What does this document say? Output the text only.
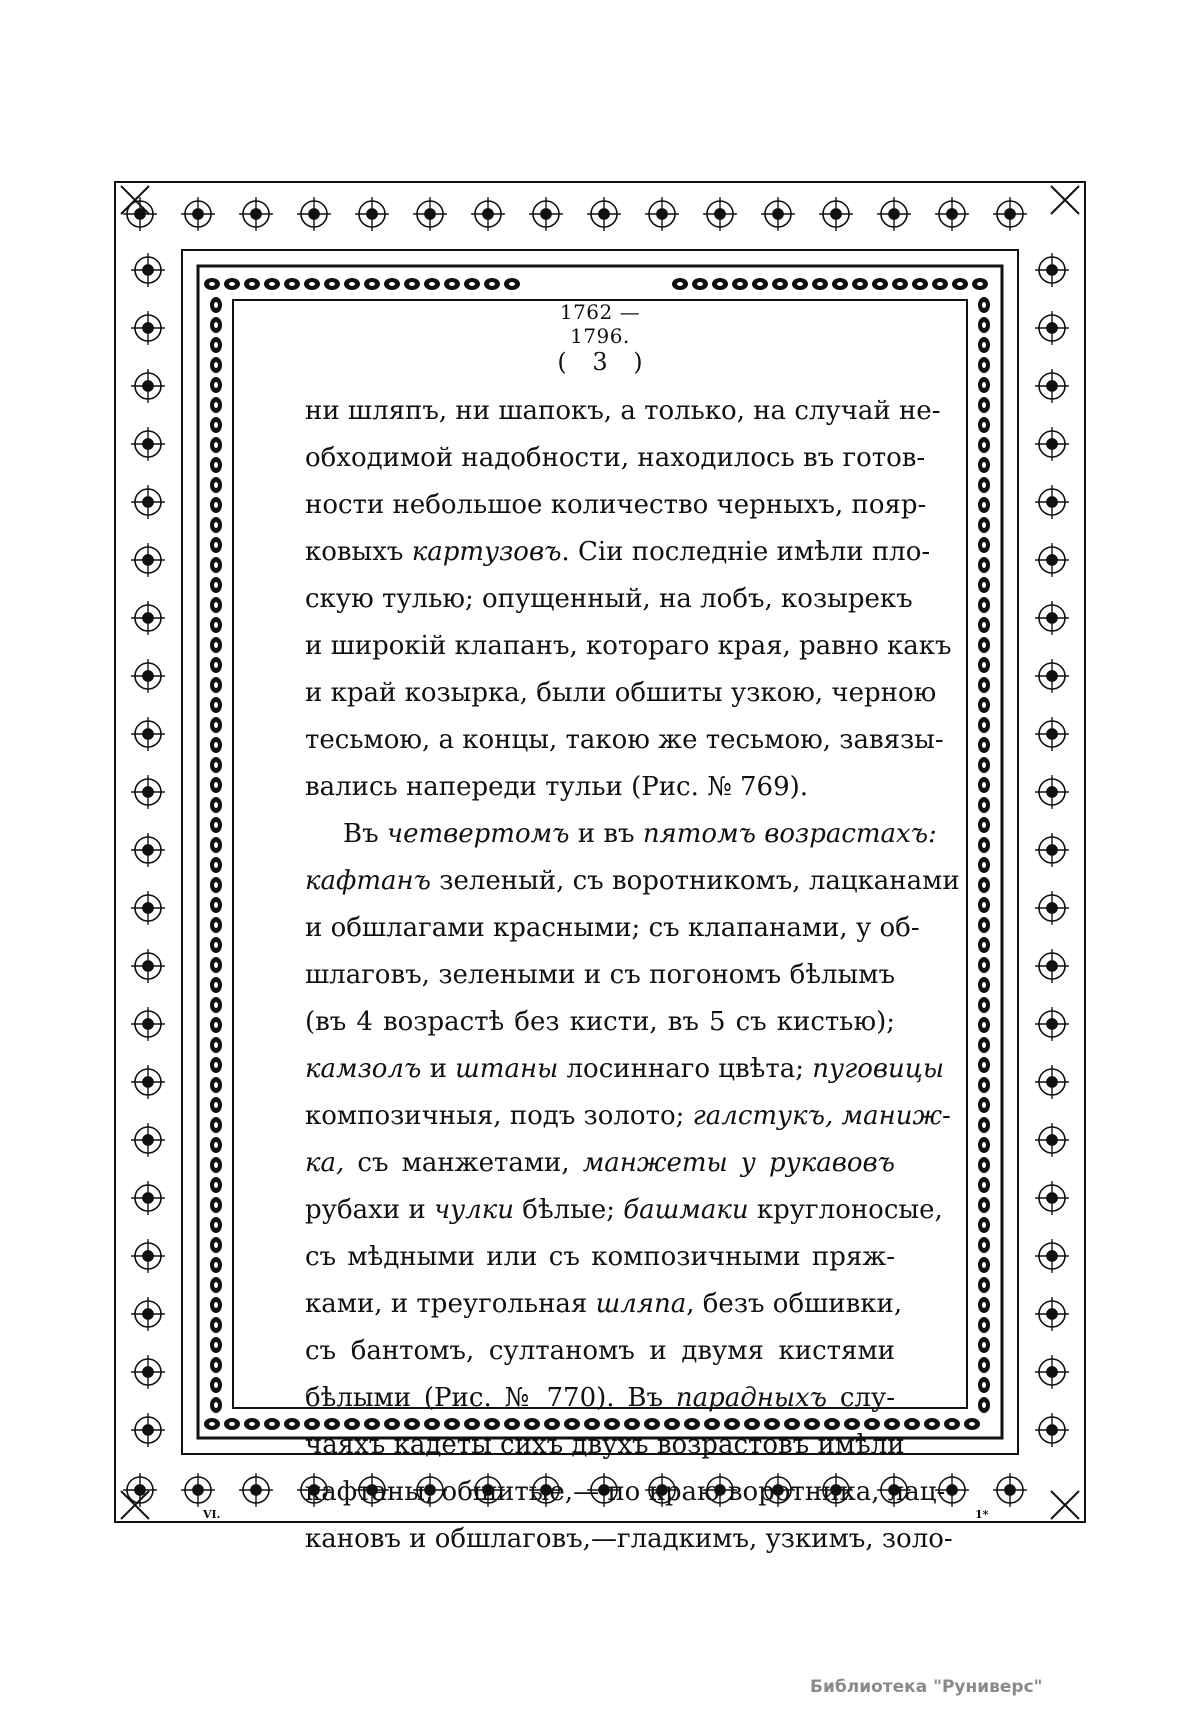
1762 — 1796.
( 3 )
ни шляпъ, ни шапокъ, а только, на случай не-
обходимой надобности, находилось въ готов-
ности небольшое количество черныхъ, пояр-
ковыхъ картузовъ. Сіи последніе имѣли пло-
скую тулью; опущенный, на лобъ, козырекъ
и широкій клапанъ, котораго края, равно какъ
и край козырка, были обшиты узкою, черною
тесьмою, а концы, такою же тесьмою, завязы-
вались напереди тульи (Рис. № 769).
Въ четвертомъ и въ пятомъ возрастахъ:
кафтанъ зеленый, съ воротникомъ, лацканами
и обшлагами красными; съ клапанами, у об-
шлаговъ, зелеными и съ погономъ бѣлымъ
(въ 4 возрастѣ без кисти, въ 5 съ кистью);
камзолъ и штаны лосиннаго цвѣта; пуговицы
композичныя, подъ золото; галстукъ, маниж-
ка, съ манжетами, манжеты у рукавовъ
рубахи и чулки бѣлые; башмаки круглоносые,
съ мѣдными или съ композичными пряж-
ками, и треугольная шляпа, безъ обшивки,
съ бантомъ, султаномъ и двумя кистями
бѣлыми (Рис. № 770). Въ парадныхъ слу-
чаяхъ кадеты сихъ двухъ возрастовъ имѣли
кафтаны, обшитые,— по краю воротника, лац-
кановъ и обшлаговъ,—гладкимъ, узкимъ, золо-
VI.	1*
Библиотека "Руниверс"
